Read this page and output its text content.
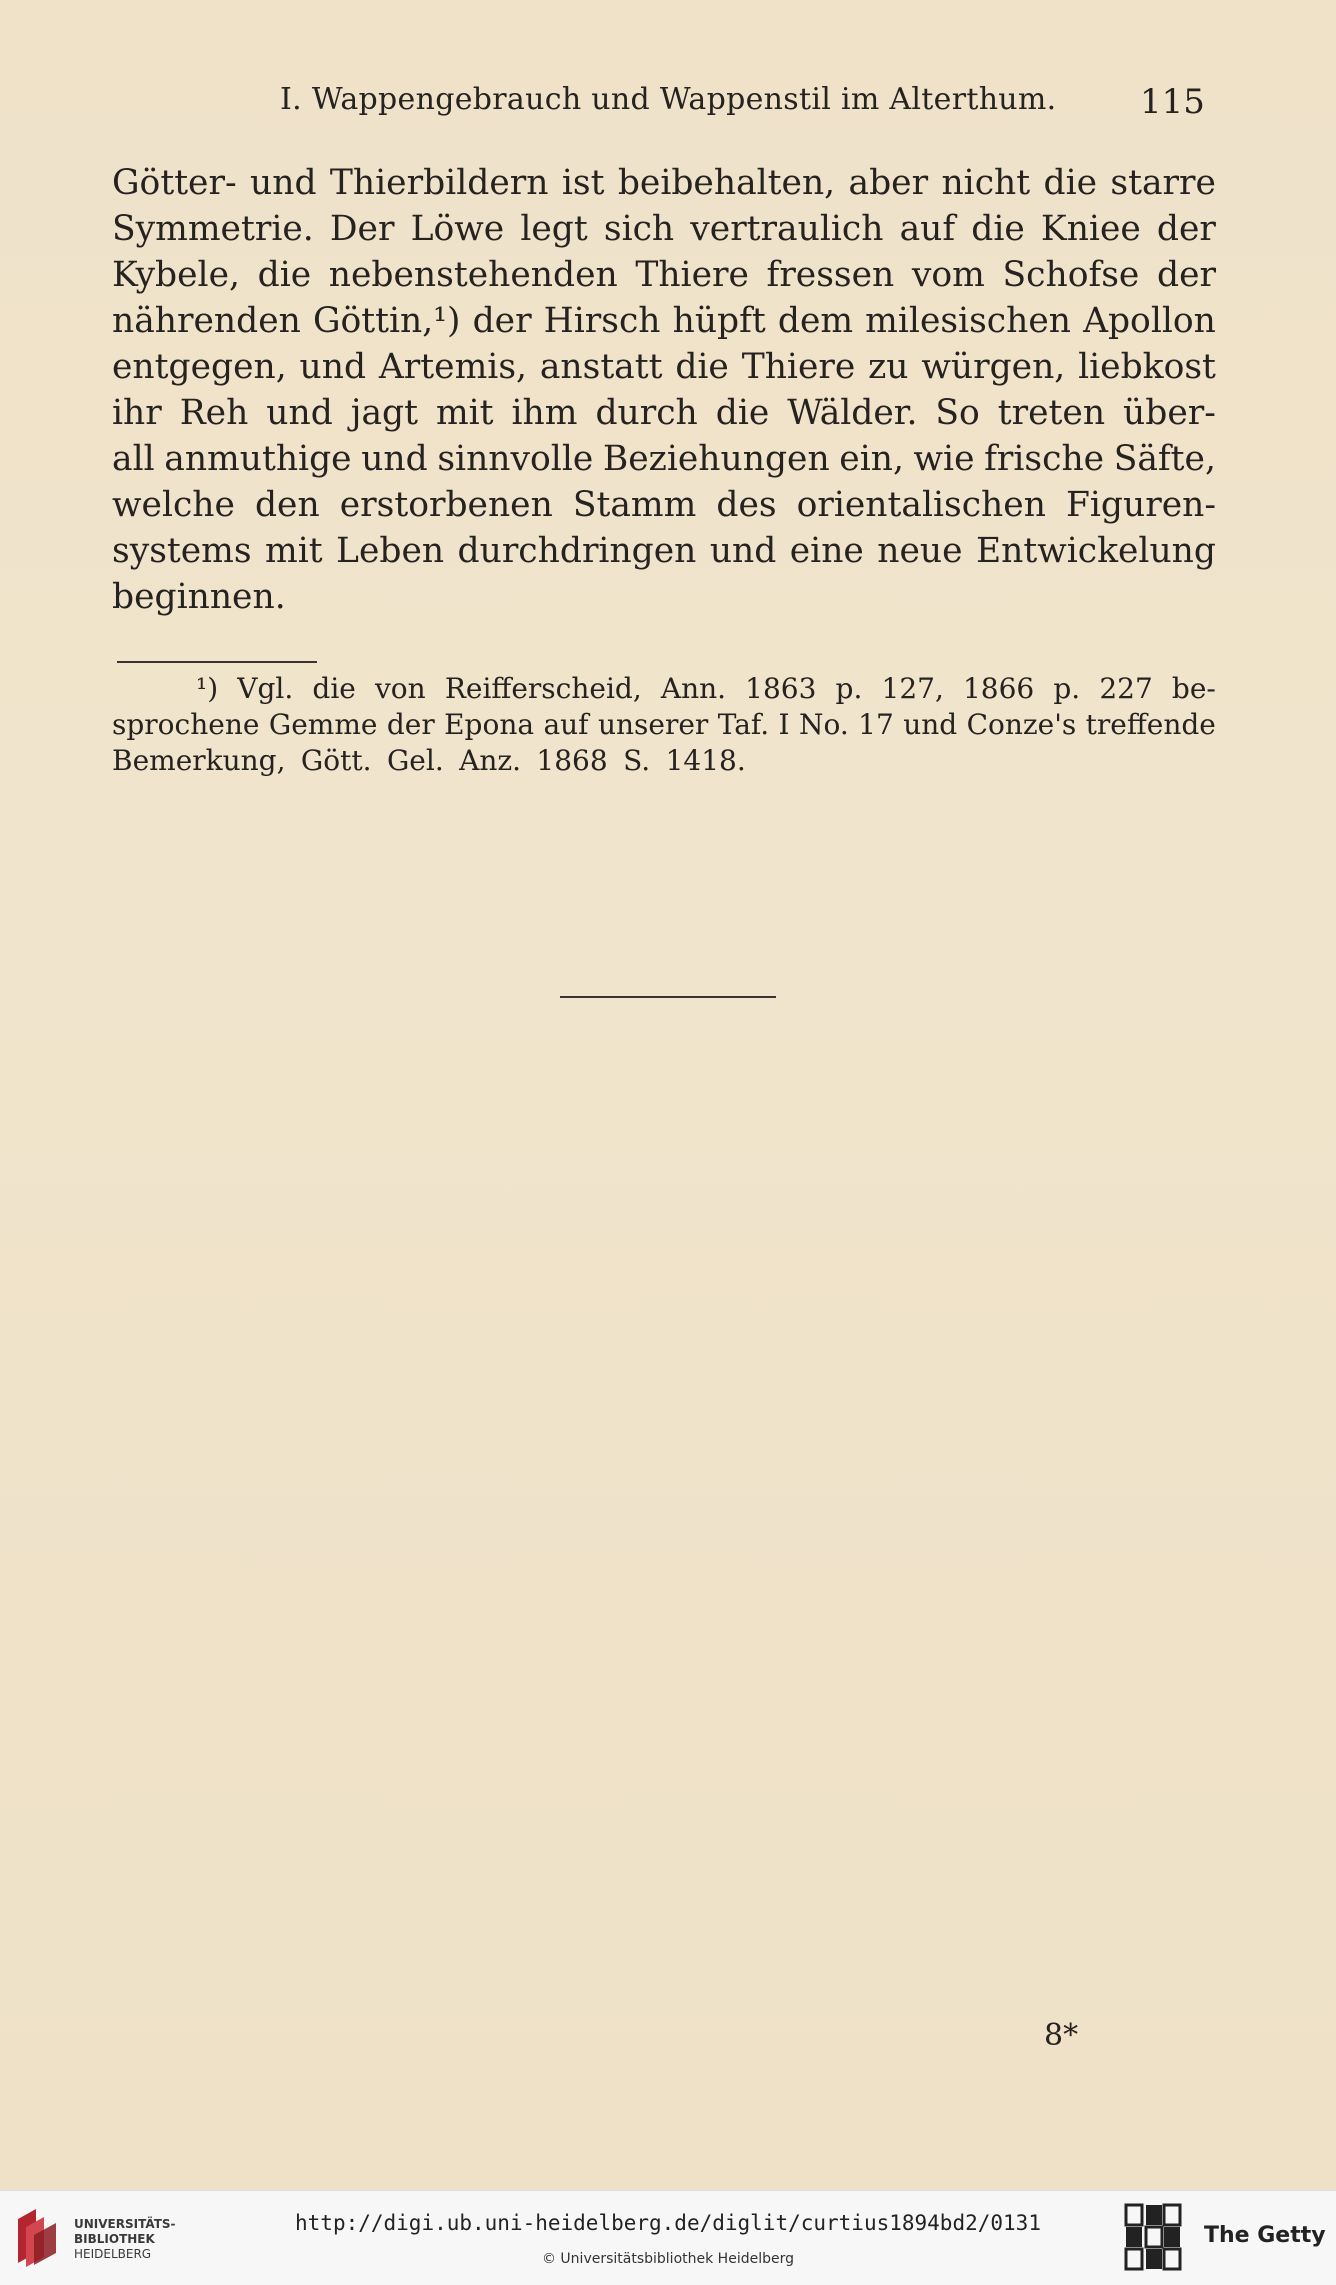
I. Wappengebrauch und Wappenstil im Alterthum. 115
Götter- und Thierbildern ist beibehalten, aber nicht die starre
Symmetrie. Der Löwe legt sich vertraulich auf die Kniee der
Kybele, die nebenstehenden Thiere fressen vom Schofse der
nährenden Göttin,¹) der Hirsch hüpft dem milesischen Apollon
entgegen, und Artemis, anstatt die Thiere zu würgen, liebkost
ihr Reh und jagt mit ihm durch die Wälder. So treten über-
all anmuthige und sinnvolle Beziehungen ein, wie frische Säfte,
welche den erstorbenen Stamm des orientalischen Figuren-
systems mit Leben durchdringen und eine neue Entwickelung
beginnen.
¹) Vgl. die von Reifferscheid, Ann. 1863 p. 127, 1866 p. 227 be-
sprochene Gemme der Epona auf unserer Taf. I No. 17 und Conze's treffende
Bemerkung, Gött. Gel. Anz. 1868 S. 1418.
8*
UNIVERSITÄTS-
BIBLIOTHEK
HEIDELBERG
http://digi.ub.uni-heidelberg.de/diglit/curtius1894bd2/0131
© Universitätsbibliothek Heidelberg
The Getty
